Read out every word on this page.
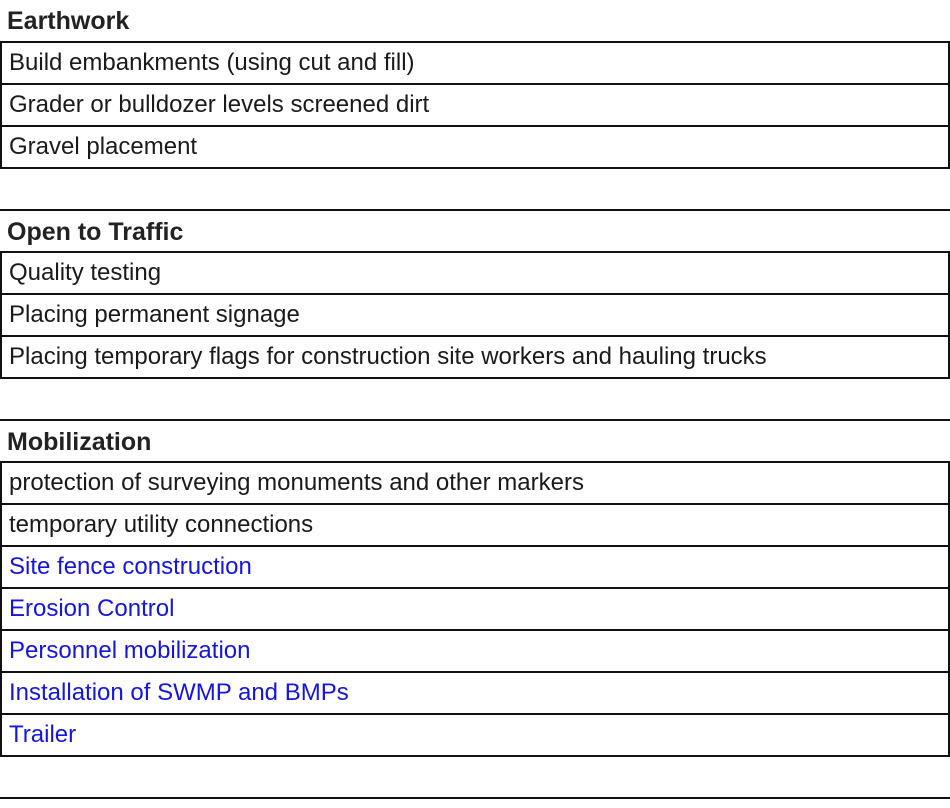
Earthwork
Build embankments (using cut and fill)
Grader or bulldozer levels screened dirt
Gravel placement
Open to Traffic
Quality testing
Placing permanent signage
Placing temporary flags for construction site workers and hauling trucks
Mobilization
protection of surveying monuments and other markers
temporary utility connections
Site fence construction
Erosion Control
Personnel mobilization
Installation of SWMP and BMPs
Trailer
